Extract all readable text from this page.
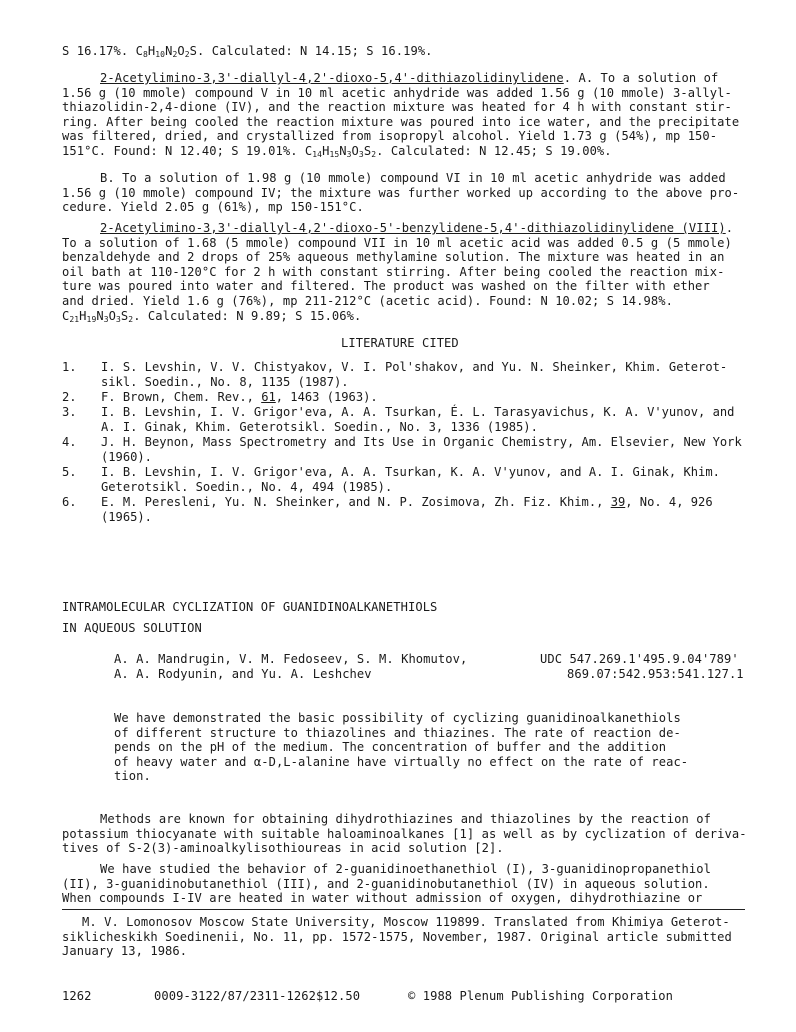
S 16.17%. $C_8H_{10}N_2O_2S$. Calculated: N 14.15; S 16.19%.
2-Acetylimino-3,3'-diallyl-4,2'-dioxo-5,4'-dithiazolidinylidene. A. To a solution of
1.56 g (10 mmole) compound V in 10 ml acetic anhydride was added 1.56 g (10 mmole) 3-allyl-
thiazolidin-2,4-dione (IV), and the reaction mixture was heated for 4 h with constant stir-
ring. After being cooled the reaction mixture was poured into ice water, and the precipitate
was filtered, dried, and crystallized from isopropyl alcohol. Yield 1.73 g (54%), mp 150-
151°C. Found: N 12.40; S 19.01%. $C_{14}H_{15}N_3O_3S_2$. Calculated: N 12.45; S 19.00%.
B. To a solution of 1.98 g (10 mmole) compound VI in 10 ml acetic anhydride was added
1.56 g (10 mmole) compound IV; the mixture was further worked up according to the above pro-
cedure. Yield 2.05 g (61%), mp 150-151°C.
2-Acetylimino-3,3'-diallyl-4,2'-dioxo-5'-benzylidene-5,4'-dithiazolidinylidene (VIII).
To a solution of 1.68 (5 mmole) compound VII in 10 ml acetic acid was added 0.5 g (5 mmole)
benzaldehyde and 2 drops of 25% aqueous methylamine solution. The mixture was heated in an
oil bath at 110-120°C for 2 h with constant stirring. After being cooled the reaction mix-
ture was poured into water and filtered. The product was washed on the filter with ether
and dried. Yield 1.6 g (76%), mp 211-212°C (acetic acid). Found: N 10.02; S 14.98%.
$C_{21}H_{19}N_3O_3S_2$. Calculated: N 9.89; S 15.06%.
LITERATURE CITED
1.	I. S. Levshin, V. V. Chistyakov, V. I. Pol'shakov, and Yu. N. Sheinker, Khim. Geterot-
sikl. Soedin., No. 8, 1135 (1987).
2.	F. Brown, Chem. Rev., 61, 1463 (1963).
3.	I. B. Levshin, I. V. Grigor'eva, A. A. Tsurkan, É. L. Tarasyavichus, K. A. V'yunov, and
A. I. Ginak, Khim. Geterotsikl. Soedin., No. 3, 1336 (1985).
4.	J. H. Beynon, Mass Spectrometry and Its Use in Organic Chemistry, Am. Elsevier, New York
(1960).
5.	I. B. Levshin, I. V. Grigor'eva, A. A. Tsurkan, K. A. V'yunov, and A. I. Ginak, Khim.
Geterotsikl. Soedin., No. 4, 494 (1985).
6.	E. M. Peresleni, Yu. N. Sheinker, and N. P. Zosimova, Zh. Fiz. Khim., 39, No. 4, 926
(1965).
INTRAMOLECULAR CYCLIZATION OF GUANIDINOALKANETHIOLS
IN AQUEOUS SOLUTION
A. A. Mandrugin, V. M. Fedoseev, S. M. Khomutov,
A. A. Rodyunin, and Yu. A. Leshchev
UDC 547.269.1'495.9.04'789'
869.07:542.953:541.127.1
We have demonstrated the basic possibility of cyclizing guanidinoalkanethiols
of different structure to thiazolines and thiazines. The rate of reaction de-
pends on the pH of the medium. The concentration of buffer and the addition
of heavy water and α-D,L-alanine have virtually no effect on the rate of reac-
tion.
Methods are known for obtaining dihydrothiazines and thiazolines by the reaction of
potassium thiocyanate with suitable haloaminoalkanes [1] as well as by cyclization of deriva-
tives of S-2(3)-aminoalkylisothioureas in acid solution [2].
We have studied the behavior of 2-guanidinoethanethiol (I), 3-guanidinopropanethiol
(II), 3-guanidinobutanethiol (III), and 2-guanidinobutanethiol (IV) in aqueous solution.
When compounds I-IV are heated in water without admission of oxygen, dihydrothiazine or
M. V. Lomonosov Moscow State University, Moscow 119899. Translated from Khimiya Geterot-
siklicheskikh Soedinenii, No. 11, pp. 1572-1575, November, 1987. Original article submitted
January 13, 1986.
1262	0009-3122/87/2311-1262$12.50	© 1988 Plenum Publishing Corporation
